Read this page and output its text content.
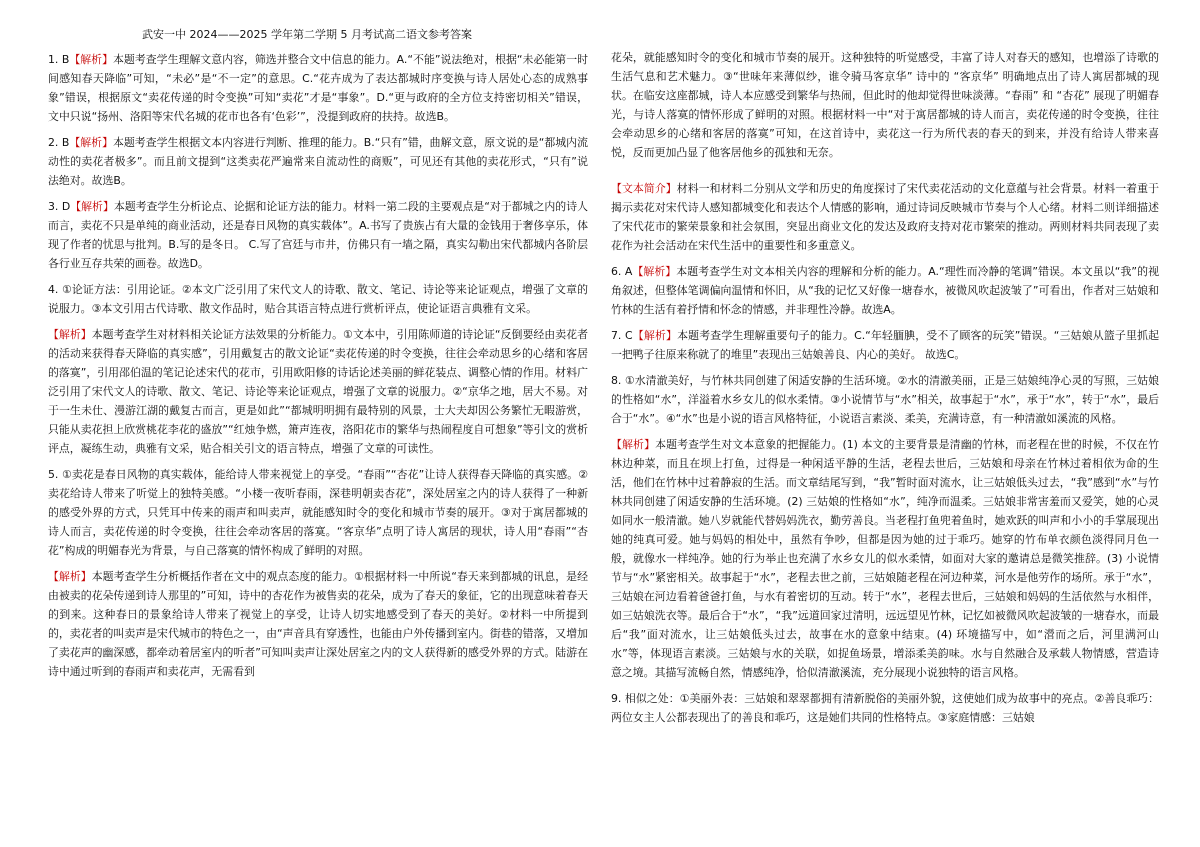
武安一中 2024——2025 学年第二学期 5 月考试高二语文参考答案

1. B【解析】本题考查学生理解文意内容，筛选并整合文中信息的能力。A.“不能”说法绝对，根据“未必能第一时间感知春天降临”可知，“未必”是“不一定”的意思。C.“花卉成为了表达都城时序变换与诗人居处心态的成熟事象”错误，根据原文“卖花传递的时令变换”可知“卖花”才是“事象”。D.“更与政府的全方位支持密切相关”错误，文中只说“扬州、洛阳等宋代名城的花市也各有‘色彩’”，没提到政府的扶持。故选B。

2. B【解析】本题考查学生根据文本内容进行判断、推理的能力。B.“只有”错，曲解文意，原文说的是“都城内流动性的卖花者极多”。而且前文提到“这类卖花严遍常来自流动性的商贩”，可见还有其他的卖花形式，“只有”说法绝对。故选B。

3. D【解析】本题考查学生分析论点、论据和论证方法的能力。材料一第二段的主要观点是“对于都城之内的诗人而言，卖花不只是单纯的商业活动，还是春日风物的真实载体”。A.书写了贵族占有大量的金钱用于奢侈享乐，体现了作者的忧思与批判。B.写的是冬日。 C.写了宫廷与市井，仿佛只有一墙之隔，真实勾勒出宋代都城内各阶层各行业互存共荣的画卷。故选D。

4. ①论证方法：引用论证。②本文广泛引用了宋代文人的诗歌、散文、笔记、诗论等来论证观点，增强了文章的说服力。③本文引用古代诗歌、散文作品时，贴合其语言特点进行赏析评点，使论证语言典雅有文采。

【解析】本题考查学生对材料相关论证方法效果的分析能力。①文本中，引用陈师道的诗论证“反倒要经由卖花者的活动来获得春天降临的真实感”，引用戴复古的散文论证“卖花传递的时令变换，往往会牵动思乡的心绪和客居的落寞”，引用邵伯温的笔记论述宋代的花市，引用欧阳修的诗话论述美丽的鲜花装点、调整心情的作用。材料广泛引用了宋代文人的诗歌、散文、笔记、诗论等来论证观点，增强了文章的说服力。②“京华之地，居大不易。对于一生未仕、漫游江湖的戴复古而言，更是如此”“都城明明拥有最特别的风景，士大夫却因公务繁忙无暇游赏，只能从卖花担上欣赏桃花李花的盛放”“红烛争燃，箫声连夜，洛阳花市的繁华与热闹程度自可想象”等引文的赏析评点，凝练生动，典雅有文采，贴合相关引文的语言特点，增强了文章的可读性。

5. ①卖花是春日风物的真实载体，能给诗人带来视觉上的享受。“春雨”“杏花”让诗人获得春天降临的真实感。②卖花给诗人带来了听觉上的独特美感。“小楼一夜听春雨，深巷明朝卖杏花”，深处居室之内的诗人获得了一种新的感受外界的方式，只凭耳中传来的雨声和叫卖声，就能感知时令的变化和城市节奏的展开。③对于寓居都城的诗人而言，卖花传递的时令变换，往往会牵动客居的落寞。“客京华”点明了诗人寓居的现状，诗人用“春雨”“杏花”构成的明媚春光为背景，与自己落寞的情怀构成了鲜明的对照。

【解析】本题考查学生分析概括作者在文中的观点态度的能力。①根据材料一中所说“春天来到都城的讯息，是经由被卖的花朵传递到诗人那里的”可知，诗中的杏花作为被售卖的花朵，成为了春天的象征，它的出现意味着春天的到来。这种春日的景象给诗人带来了视觉上的享受，让诗人切实地感受到了春天的美好。②材料一中所提到的，卖花者的叫卖声是宋代城市的特色之一，由“声音具有穿透性，也能由户外传播到室内。街巷的错落，又增加了卖花声的幽深感，都牵动着居室内的听者”可知叫卖声让深处居室之内的文人获得新的感受外界的方式。陆游在诗中通过听到的春雨声和卖花声，无需看到

花朵，就能感知时令的变化和城市节奏的展开。这种独特的听觉感受，丰富了诗人对春天的感知，也增添了诗歌的生活气息和艺术魅力。③“世味年来薄似纱，谁令骑马客京华” 诗中的 “客京华” 明确地点出了诗人寓居都城的现状。在临安这座都城，诗人本应感受到繁华与热闹，但此时的他却觉得世味淡薄。“春雨” 和 “杏花” 展现了明媚春光，与诗人落寞的情怀形成了鲜明的对照。根据材料一中“对于寓居都城的诗人而言，卖花传递的时令变换，往往会牵动思乡的心绪和客居的落寞”可知，在这首诗中，卖花这一行为所代表的春天的到来，并没有给诗人带来喜悦，反而更加凸显了他客居他乡的孤独和无奈。

【文本简介】材料一和材料二分别从文学和历史的角度探讨了宋代卖花活动的文化意蕴与社会背景。材料一着重于揭示卖花对宋代诗人感知都城变化和表达个人情感的影响，通过诗词反映城市节奏与个人心绪。材料二则详细描述了宋代花市的繁荣景象和社会氛围，突显出商业文化的发达及政府支持对花市繁荣的推动。两则材料共同表现了卖花作为社会活动在宋代生活中的重要性和多重意义。

6. A【解析】本题考查学生对文本相关内容的理解和分析的能力。A.“理性而冷静的笔调”错误。本文虽以“我”的视角叙述，但整体笔调偏向温情和怀旧，从“我的记忆又好像一塘春水，被微风吹起波皱了”可看出，作者对三姑娘和竹林的生活有着抒情和怀念的情感，并非理性冷静。故选A。

7. C【解析】本题考查学生理解重要句子的能力。C.“年轻腼腆，受不了顾客的玩笑”错误。“三姑娘从篮子里抓起一把鸭子往原来称就了的堆里”表现出三姑娘善良、内心的美好。 故选C。

8. ①水清澈美好，与竹林共同创建了闲适安静的生活环境。②水的清澈美丽，正是三姑娘纯净心灵的写照，三姑娘的性格如“水”，洋溢着水乡女儿的似水柔情。③小说情节与“水”相关，故事起于“水”，承于“水”，转于“水”，最后合于“水”。④“水”也是小说的语言风格特征，小说语言素淡、柔美，充满诗意，有一种清澈如溪流的风格。

【解析】本题考查学生对文本意象的把握能力。(1) 本文的主要背景是清幽的竹林，而老程在世的时候，不仅在竹林边种菜，而且在坝上打鱼，过得是一种闲适平静的生活，老程去世后，三姑娘和母亲在竹林过着相依为命的生活，他们在竹林中过着静寂的生活。而文章结尾写到，“我”暂时面对流水，让三姑娘低头过去，“我”感到“水”与竹林共同创建了闲适安静的生活环境。(2) 三姑娘的性格如“水”，纯净而温柔。三姑娘非常害羞而又爱笑，她的心灵如同水一般清澈。她八岁就能代替妈妈洗衣，勤劳善良。当老程打鱼兜着鱼时，她欢跃的叫声和小小的手掌展现出她的纯真可爱。她与妈妈的相处中，虽然有争吵，但都是因为她的过于乖巧。她穿的竹布单衣颜色淡得同月色一般，就像水一样纯净。她的行为举止也充满了水乡女儿的似水柔情，如面对大家的邀请总是微笑推辞。(3) 小说情节与“水”紧密相关。故事起于“水”，老程去世之前，三姑娘随老程在河边种菜，河水是他劳作的场所。承于“水”，三姑娘在河边看着爸爸打鱼，与水有着密切的互动。转于“水”，老程去世后，三姑娘和妈妈的生活依然与水相伴，如三姑娘洗衣等。最后合于“水”，“我”远道回家过清明，远远望见竹林，记忆如被微风吹起波皱的一塘春水，而最后“我”面对流水，让三姑娘低头过去，故事在水的意象中结束。(4) 环境描写中，如“瀯而之后，河里满河山水”等，体现语言素淡。三姑娘与水的关联，如捉鱼场景，增添柔美韵味。水与自然融合及承载人物情感，营造诗意之境。其描写流畅自然，情感纯净，恰似清澈溪流，充分展现小说独特的语言风格。

9. 相似之处：①美丽外表：三姑娘和翠翠都拥有清新脱俗的美丽外貌，这使她们成为故事中的亮点。②善良乖巧：两位女主人公都表现出了的善良和乖巧，这是她们共同的性格特点。③家庭情感：三姑娘
